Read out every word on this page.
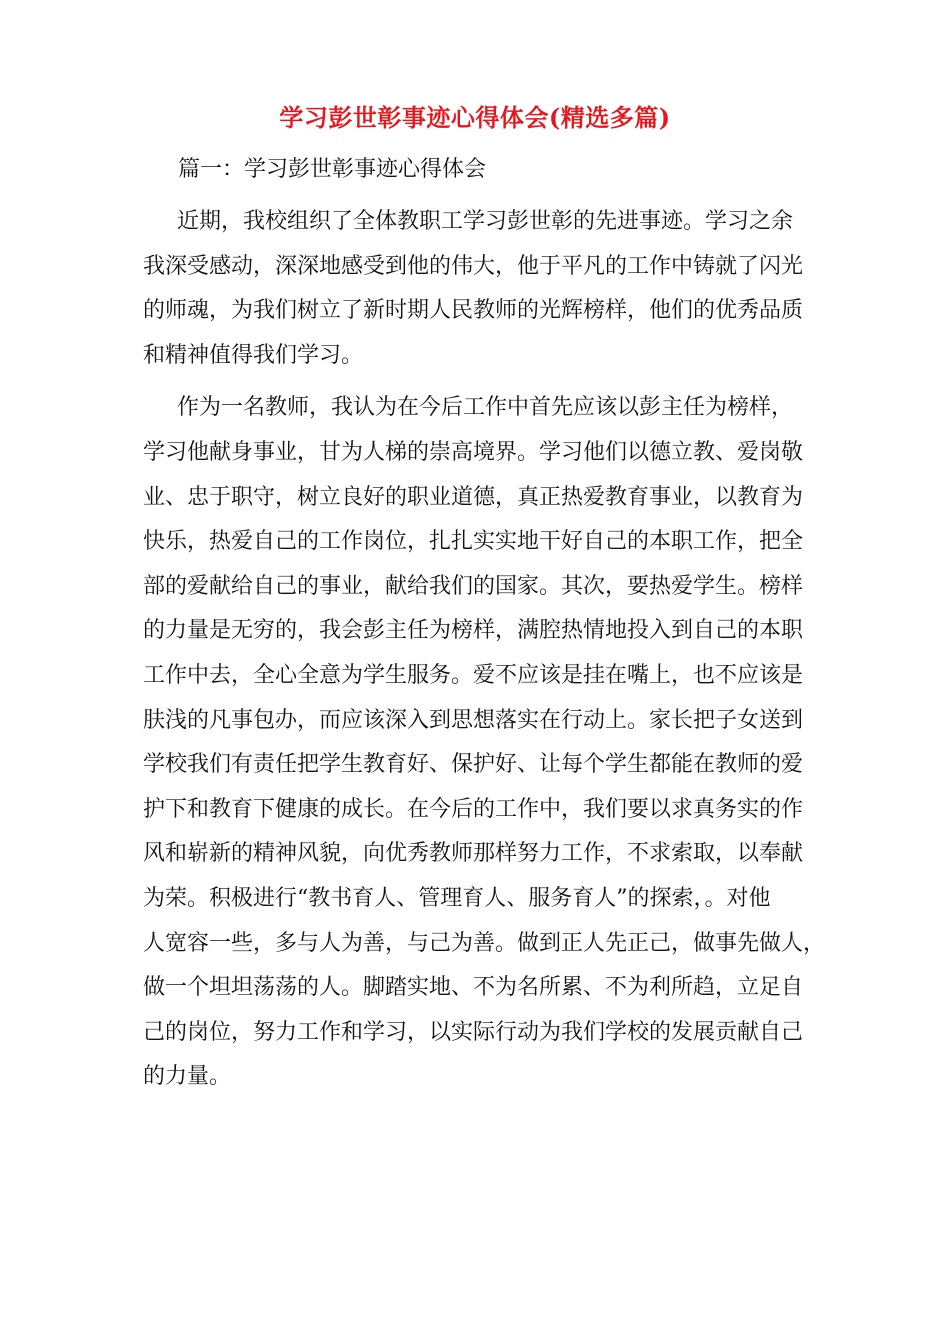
学习彭世彰事迹心得体会(精选多篇)

篇一：学习彭世彰事迹心得体会

近期，我校组织了全体教职工学习彭世彰的先进事迹。学习之余
我深受感动，深深地感受到他的伟大，他于平凡的工作中铸就了闪光
的师魂，为我们树立了新时期人民教师的光辉榜样，他们的优秀品质
和精神值得我们学习。

作为一名教师，我认为在今后工作中首先应该以彭主任为榜样，
学习他献身事业，甘为人梯的崇高境界。学习他们以德立教、爱岗敬
业、忠于职守，树立良好的职业道德，真正热爱教育事业，以教育为
快乐，热爱自己的工作岗位，扎扎实实地干好自己的本职工作，把全
部的爱献给自己的事业，献给我们的国家。其次，要热爱学生。榜样
的力量是无穷的，我会彭主任为榜样，满腔热情地投入到自己的本职
工作中去，全心全意为学生服务。爱不应该是挂在嘴上，也不应该是
肤浅的凡事包办，而应该深入到思想落实在行动上。家长把子女送到
学校我们有责任把学生教育好、保护好、让每个学生都能在教师的爱
护下和教育下健康的成长。在今后的工作中，我们要以求真务实的作
风和崭新的精神风貌，向优秀教师那样努力工作，不求索取，以奉献
为荣。积极进行“教书育人、管理育人、服务育人”的探索，。对他
人宽容一些，多与人为善，与己为善。做到正人先正己，做事先做人，
做一个坦坦荡荡的人。脚踏实地、不为名所累、不为利所趋，立足自
己的岗位，努力工作和学习，以实际行动为我们学校的发展贡献自己
的力量。
